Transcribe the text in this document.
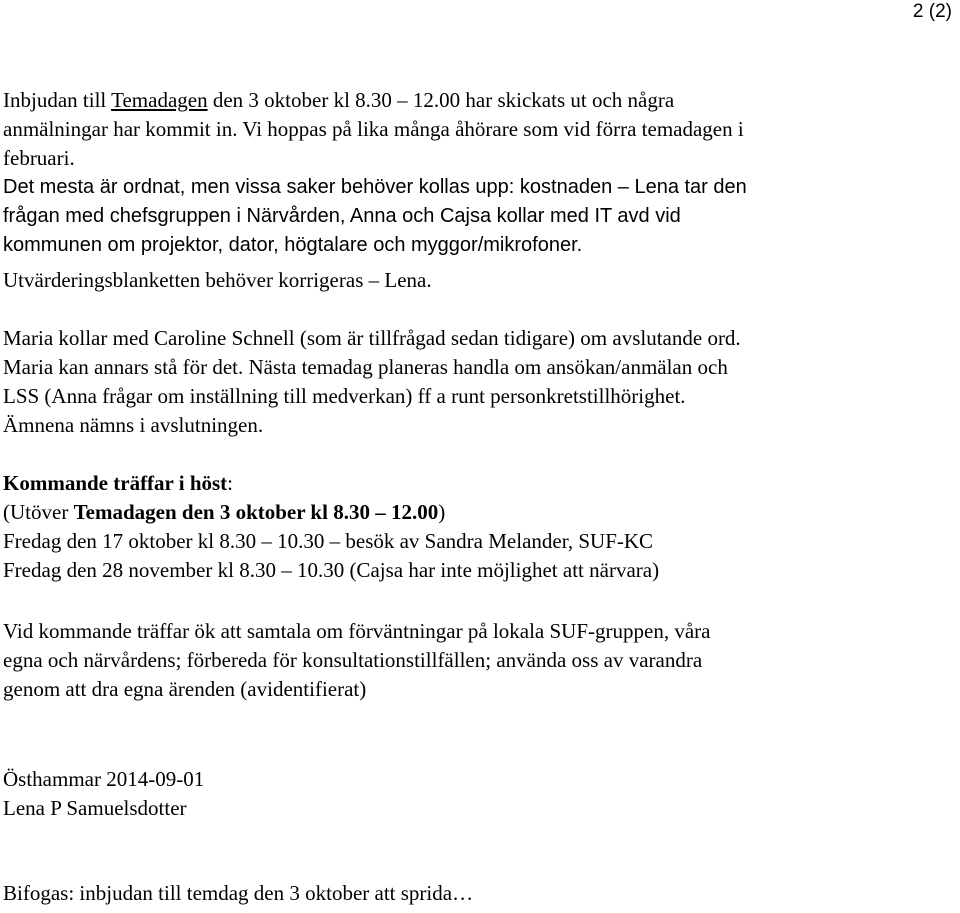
2 (2)
Inbjudan till Temadagen den 3 oktober kl 8.30 – 12.00 har skickats ut och några
anmälningar har kommit in. Vi hoppas på lika många åhörare som vid förra temadagen i
februari.
Det mesta är ordnat, men vissa saker behöver kollas upp: kostnaden – Lena tar den
frågan med chefsgruppen i Närvården, Anna och Cajsa kollar med IT avd vid
kommunen om projektor, dator, högtalare och myggor/mikrofoner.
Utvärderingsblanketten behöver korrigeras – Lena.
Maria kollar med Caroline Schnell (som är tillfrågad sedan tidigare) om avslutande ord.
Maria kan annars stå för det. Nästa temadag planeras handla om ansökan/anmälan och
LSS (Anna frågar om inställning till medverkan) ff a runt personkretstillhörighet.
Ämnena nämns i avslutningen.
Kommande träffar i höst:
(Utöver Temadagen den 3 oktober kl 8.30 – 12.00)
Fredag den 17 oktober kl 8.30 – 10.30 – besök av Sandra Melander, SUF-KC
Fredag den 28 november kl 8.30 – 10.30 (Cajsa har inte möjlighet att närvara)
Vid kommande träffar ök att samtala om förväntningar på lokala SUF-gruppen, våra
egna och närvårdens; förbereda för konsultationstillfällen; använda oss av varandra
genom att dra egna ärenden (avidentifierat)
Östhammar 2014-09-01
Lena P Samuelsdotter
Bifogas: inbjudan till temdag den 3 oktober att sprida…
